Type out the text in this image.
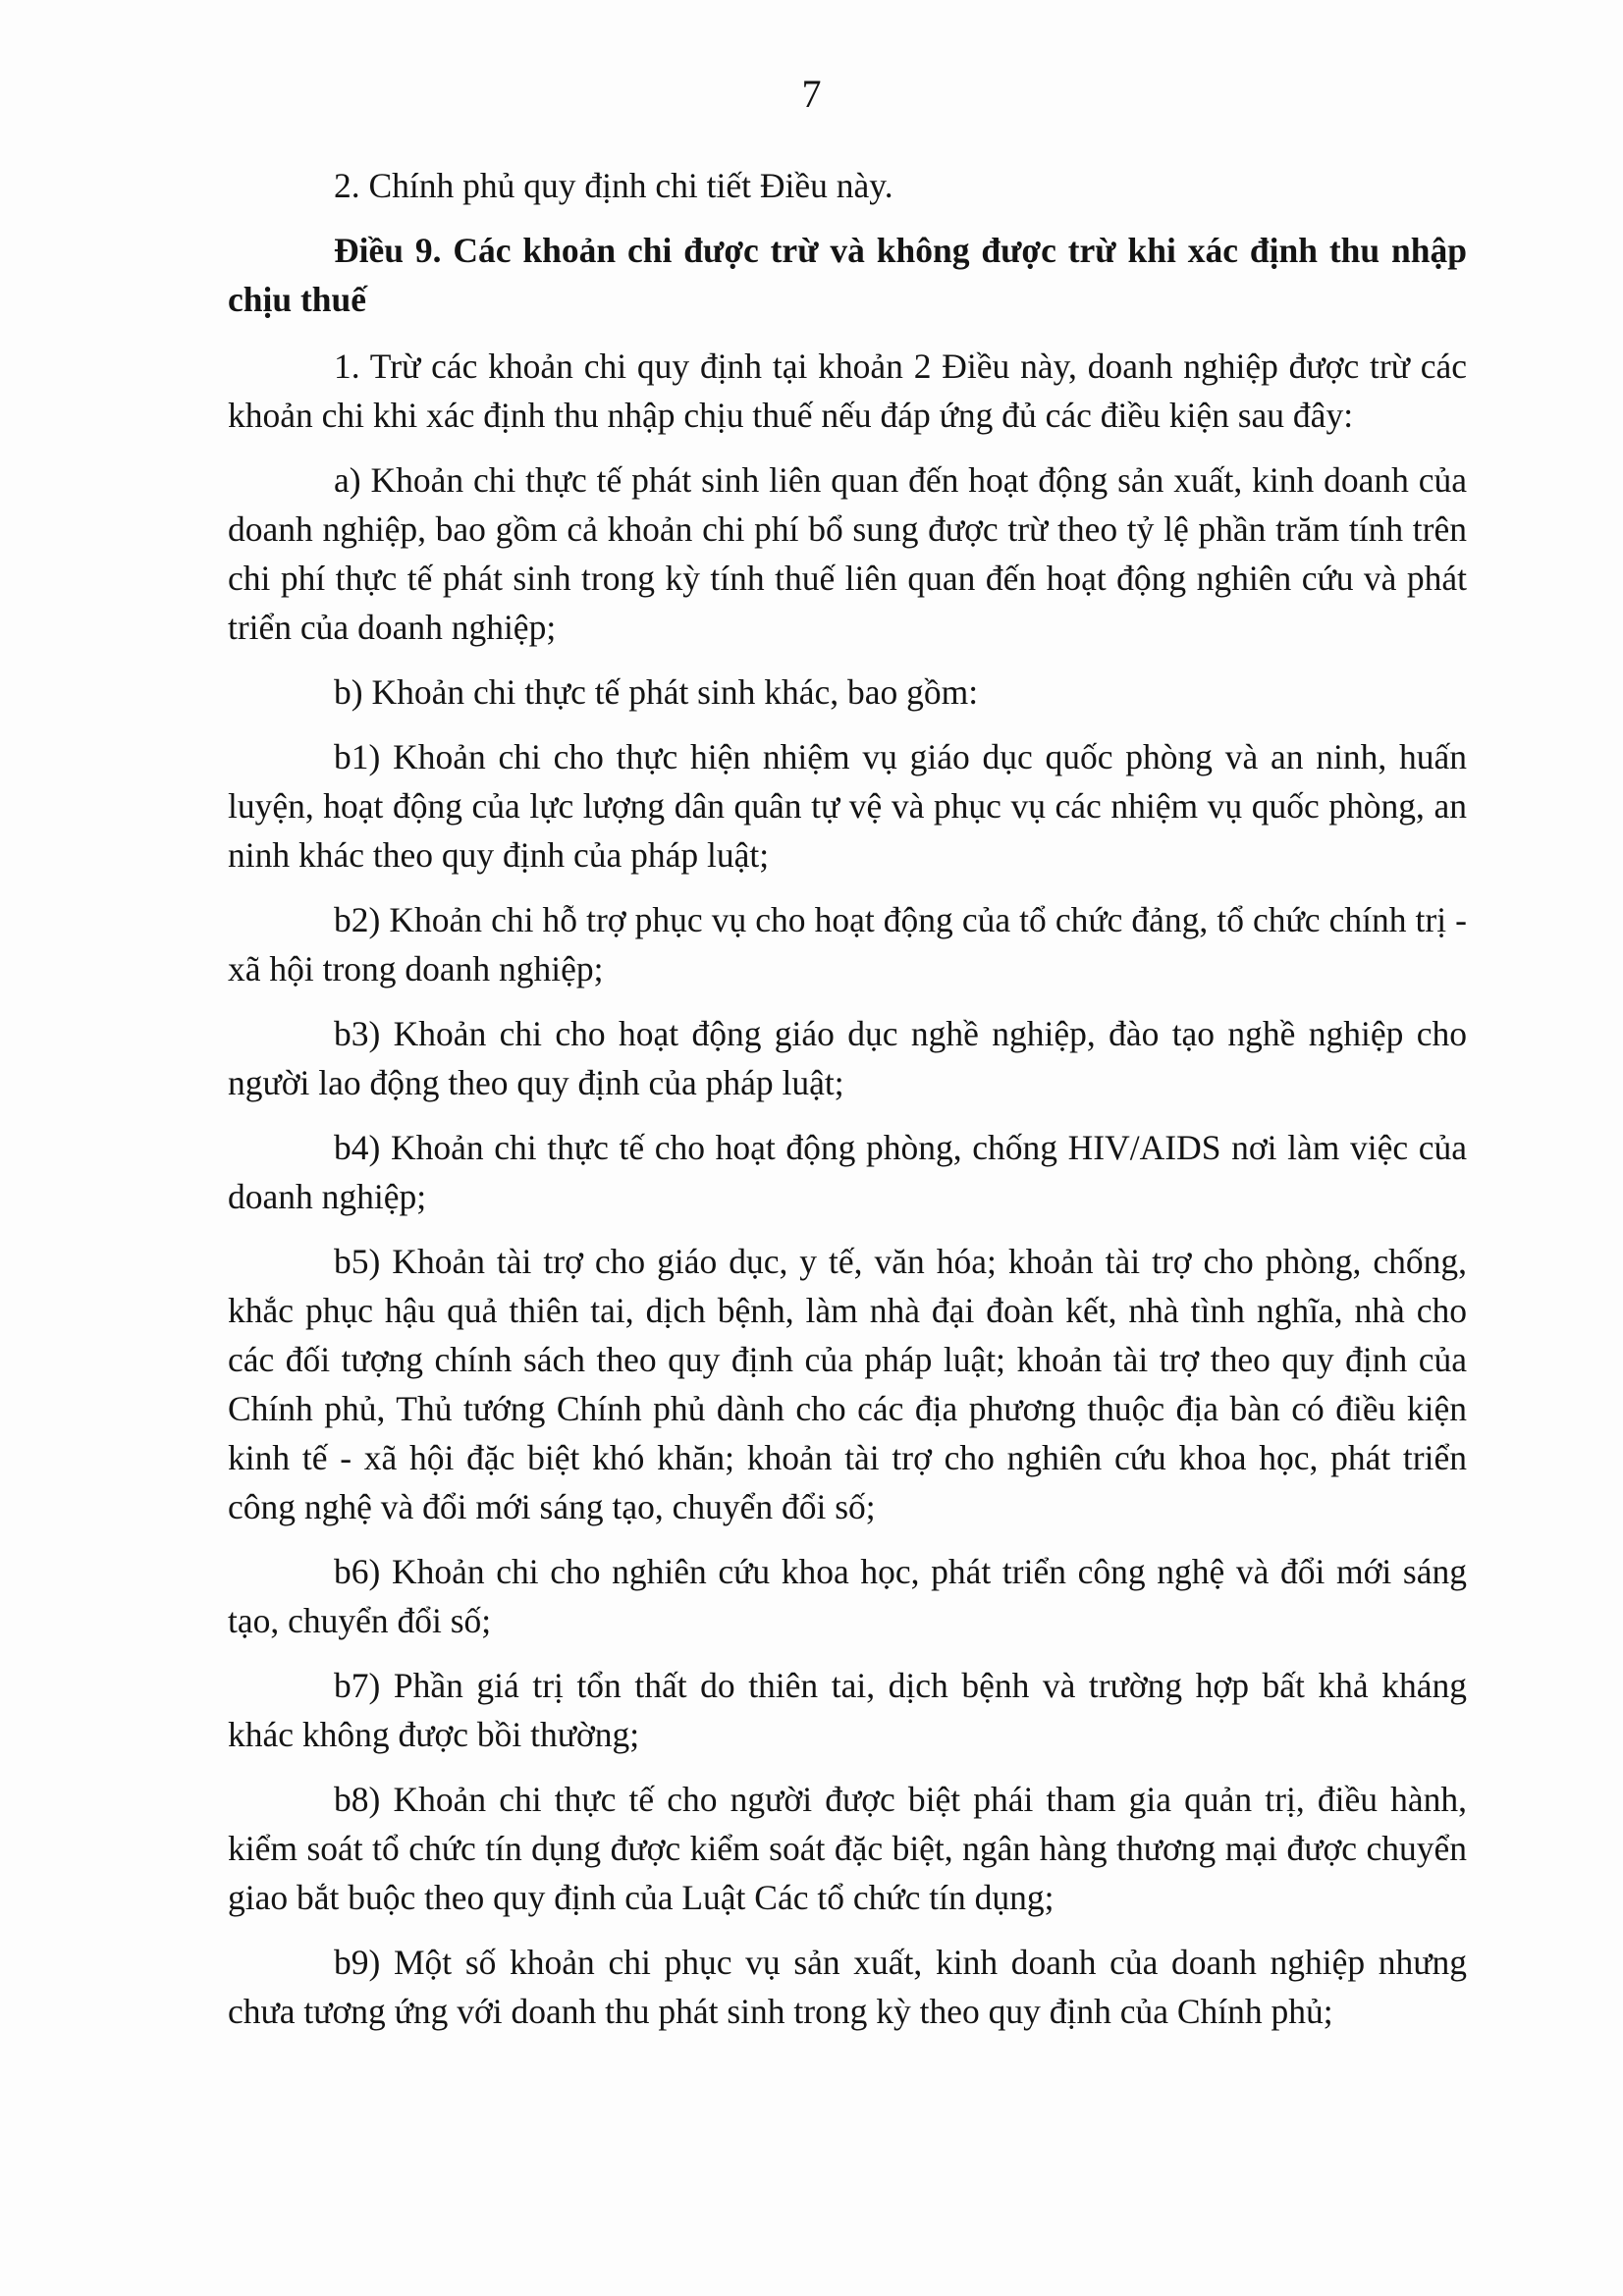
7

2. Chính phủ quy định chi tiết Điều này.

Điều 9. Các khoản chi được trừ và không được trừ khi xác định thu nhập chịu thuế

1. Trừ các khoản chi quy định tại khoản 2 Điều này, doanh nghiệp được trừ các khoản chi khi xác định thu nhập chịu thuế nếu đáp ứng đủ các điều kiện sau đây:

a) Khoản chi thực tế phát sinh liên quan đến hoạt động sản xuất, kinh doanh của doanh nghiệp, bao gồm cả khoản chi phí bổ sung được trừ theo tỷ lệ phần trăm tính trên chi phí thực tế phát sinh trong kỳ tính thuế liên quan đến hoạt động nghiên cứu và phát triển của doanh nghiệp;

b) Khoản chi thực tế phát sinh khác, bao gồm:

b1) Khoản chi cho thực hiện nhiệm vụ giáo dục quốc phòng và an ninh, huấn luyện, hoạt động của lực lượng dân quân tự vệ và phục vụ các nhiệm vụ quốc phòng, an ninh khác theo quy định của pháp luật;

b2) Khoản chi hỗ trợ phục vụ cho hoạt động của tổ chức đảng, tổ chức chính trị - xã hội trong doanh nghiệp;

b3) Khoản chi cho hoạt động giáo dục nghề nghiệp, đào tạo nghề nghiệp cho người lao động theo quy định của pháp luật;

b4) Khoản chi thực tế cho hoạt động phòng, chống HIV/AIDS nơi làm việc của doanh nghiệp;

b5) Khoản tài trợ cho giáo dục, y tế, văn hóa; khoản tài trợ cho phòng, chống, khắc phục hậu quả thiên tai, dịch bệnh, làm nhà đại đoàn kết, nhà tình nghĩa, nhà cho các đối tượng chính sách theo quy định của pháp luật; khoản tài trợ theo quy định của Chính phủ, Thủ tướng Chính phủ dành cho các địa phương thuộc địa bàn có điều kiện kinh tế - xã hội đặc biệt khó khăn; khoản tài trợ cho nghiên cứu khoa học, phát triển công nghệ và đổi mới sáng tạo, chuyển đổi số;

b6) Khoản chi cho nghiên cứu khoa học, phát triển công nghệ và đổi mới sáng tạo, chuyển đổi số;

b7) Phần giá trị tổn thất do thiên tai, dịch bệnh và trường hợp bất khả kháng khác không được bồi thường;

b8) Khoản chi thực tế cho người được biệt phái tham gia quản trị, điều hành, kiểm soát tổ chức tín dụng được kiểm soát đặc biệt, ngân hàng thương mại được chuyển giao bắt buộc theo quy định của Luật Các tổ chức tín dụng;

b9) Một số khoản chi phục vụ sản xuất, kinh doanh của doanh nghiệp nhưng chưa tương ứng với doanh thu phát sinh trong kỳ theo quy định của Chính phủ;
